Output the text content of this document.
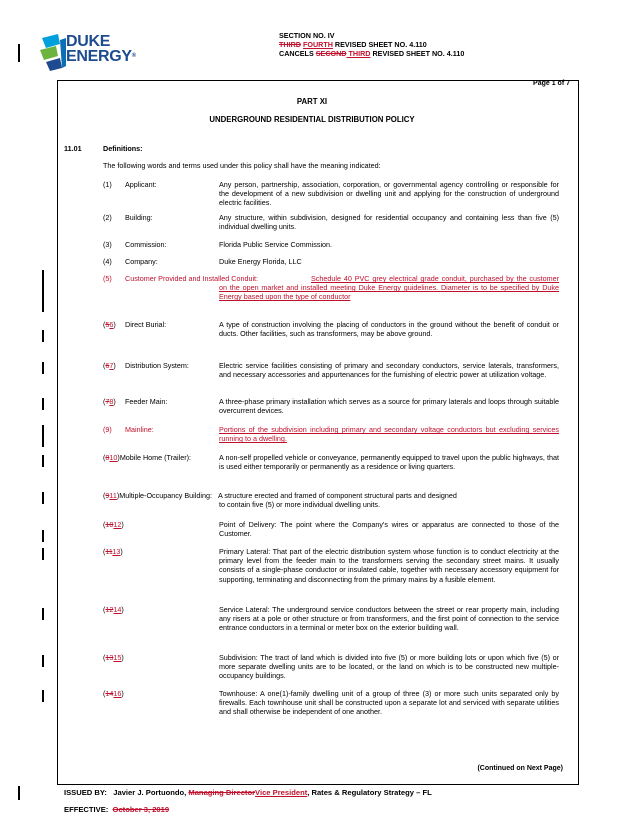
DUKE
ENERGY®
SECTION NO. IV
THIRD FOURTH REVISED SHEET NO. 4.110
CANCELS SECOND THIRD REVISED SHEET NO. 4.110
Page 1 of 7
PART XI
UNDERGROUND RESIDENTIAL DISTRIBUTION POLICY
11.01	Definitions:
The following words and terms used under this policy shall have the meaning indicated:
(1) Applicant:	Any person, partnership, association, corporation, or governmental agency controlling or responsible for the development of a new subdivision or dwelling unit and applying for the construction of underground electric facilities.
(2) Building:	Any structure, within subdivision, designed for residential occupancy and containing less than five (5) individual dwelling units.
(3) Commission:	Florida Public Service Commission.
(4) Company:	Duke Energy Florida, LLC
(5) Customer Provided and Installed Conduit:	Schedule 40 PVC grey electrical grade conduit, purchased by the customer on the open market and installed meeting Duke Energy guidelines. Diameter is to be specified by Duke Energy based upon the type of conductor
(56) Direct Burial:	A type of construction involving the placing of conductors in the ground without the benefit of conduit or ducts. Other facilities, such as transformers, may be above ground.
(67) Distribution System:	Electric service facilities consisting of primary and secondary conductors, service laterals, transformers, and necessary accessories and appurtenances for the furnishing of electric power at utilization voltage.
(78) Feeder Main:	A three-phase primary installation which serves as a source for primary laterals and loops through suitable overcurrent devices.
(9) Mainline:	Portions of the subdivision including primary and secondary voltage conductors but excluding services running to a dwelling.
(810)Mobile Home (Trailer):	A non-self propelled vehicle or conveyance, permanently equipped to travel upon the public highways, that is used either temporarily or permanently as a residence or living quarters.
(911)Multiple-Occupancy Building: A structure erected and framed of component structural parts and designed
to contain five (5) or more individual dwelling units.
(1012)	Point of Delivery: The point where the Company's wires or apparatus are connected to those of the Customer.
(1113)	Primary Lateral: That part of the electric distribution system whose function is to conduct electricity at the primary level from the feeder main to the transformers serving the secondary street mains. It usually consists of a single-phase conductor or insulated cable, together with necessary accessory equipment for supporting, terminating and disconnecting from the primary mains by a fusible element.
(1214)	Service Lateral: The underground service conductors between the street or rear property main, including any risers at a pole or other structure or from transformers, and the first point of connection to the service entrance conductors in a terminal or meter box on the exterior building wall.
(1315)	Subdivision: The tract of land which is divided into five (5) or more building lots or upon which five (5) or more separate dwelling units are to be located, or the land on which is to be constructed new multiple-occupancy buildings.
(1416)	Townhouse: A one(1)-family dwelling unit of a group of three (3) or more such units separated only by firewalls. Each townhouse unit shall be constructed upon a separate lot and serviced with separate utilities and shall otherwise be independent of one another.
(Continued on Next Page)
ISSUED BY: Javier J. Portuondo, Managing DirectorVice President, Rates & Regulatory Strategy – FL
EFFECTIVE: October 3, 2019
